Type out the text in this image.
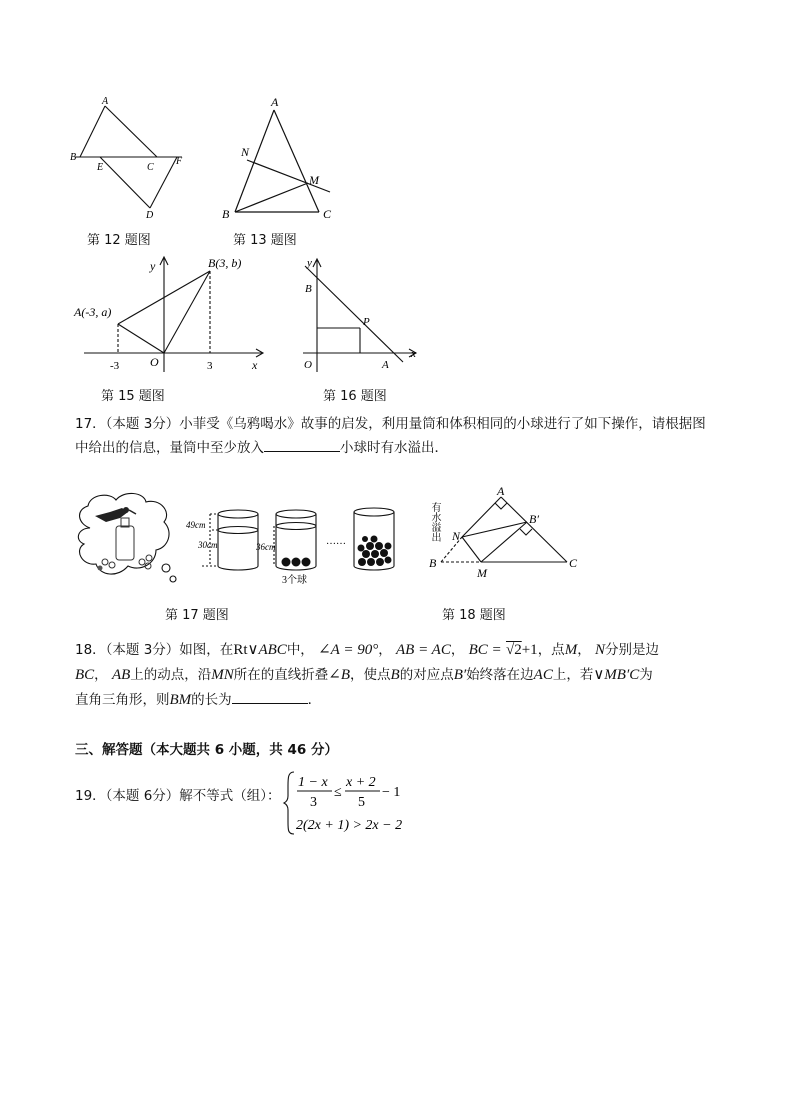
A
B
E	C
F
D
第 12 题图
A
N
M
B	C
第 13 题图
y
x
A(-3, a)
B(3, b)
O
-3	3
第 15 题图
y
x
B
P
O	A
第 16 题图
17．（本题 3分）小菲受《乌鸦喝水》故事的启发，利用量筒和体积相同的小球进行了如下操作，请根据图
中给出的信息，量筒中至少放入	小球时有水溢出．
49cm
30cm	36cm
3个球
……
有水溢出
第 17 题图
A
B′
N
B
M
C
第 18 题图
18．（本题 3分）如图，在Rt∨ABC中， ∠A = 90°， AB = AC， BC = √2+1，点M， N分别是边
BC， AB上的动点，沿MN所在的直线折叠∠B，使点B的对应点B′始终落在边AC上，若∨MB′C为
直角三角形，则BM的长为	．
三、解答题（本大题共 6 小题，共 46 分）
19．（本题 6分）解不等式（组）：
1 − x
3
≤
x + 2
5
− 1
2(2x + 1) > 2x − 2
